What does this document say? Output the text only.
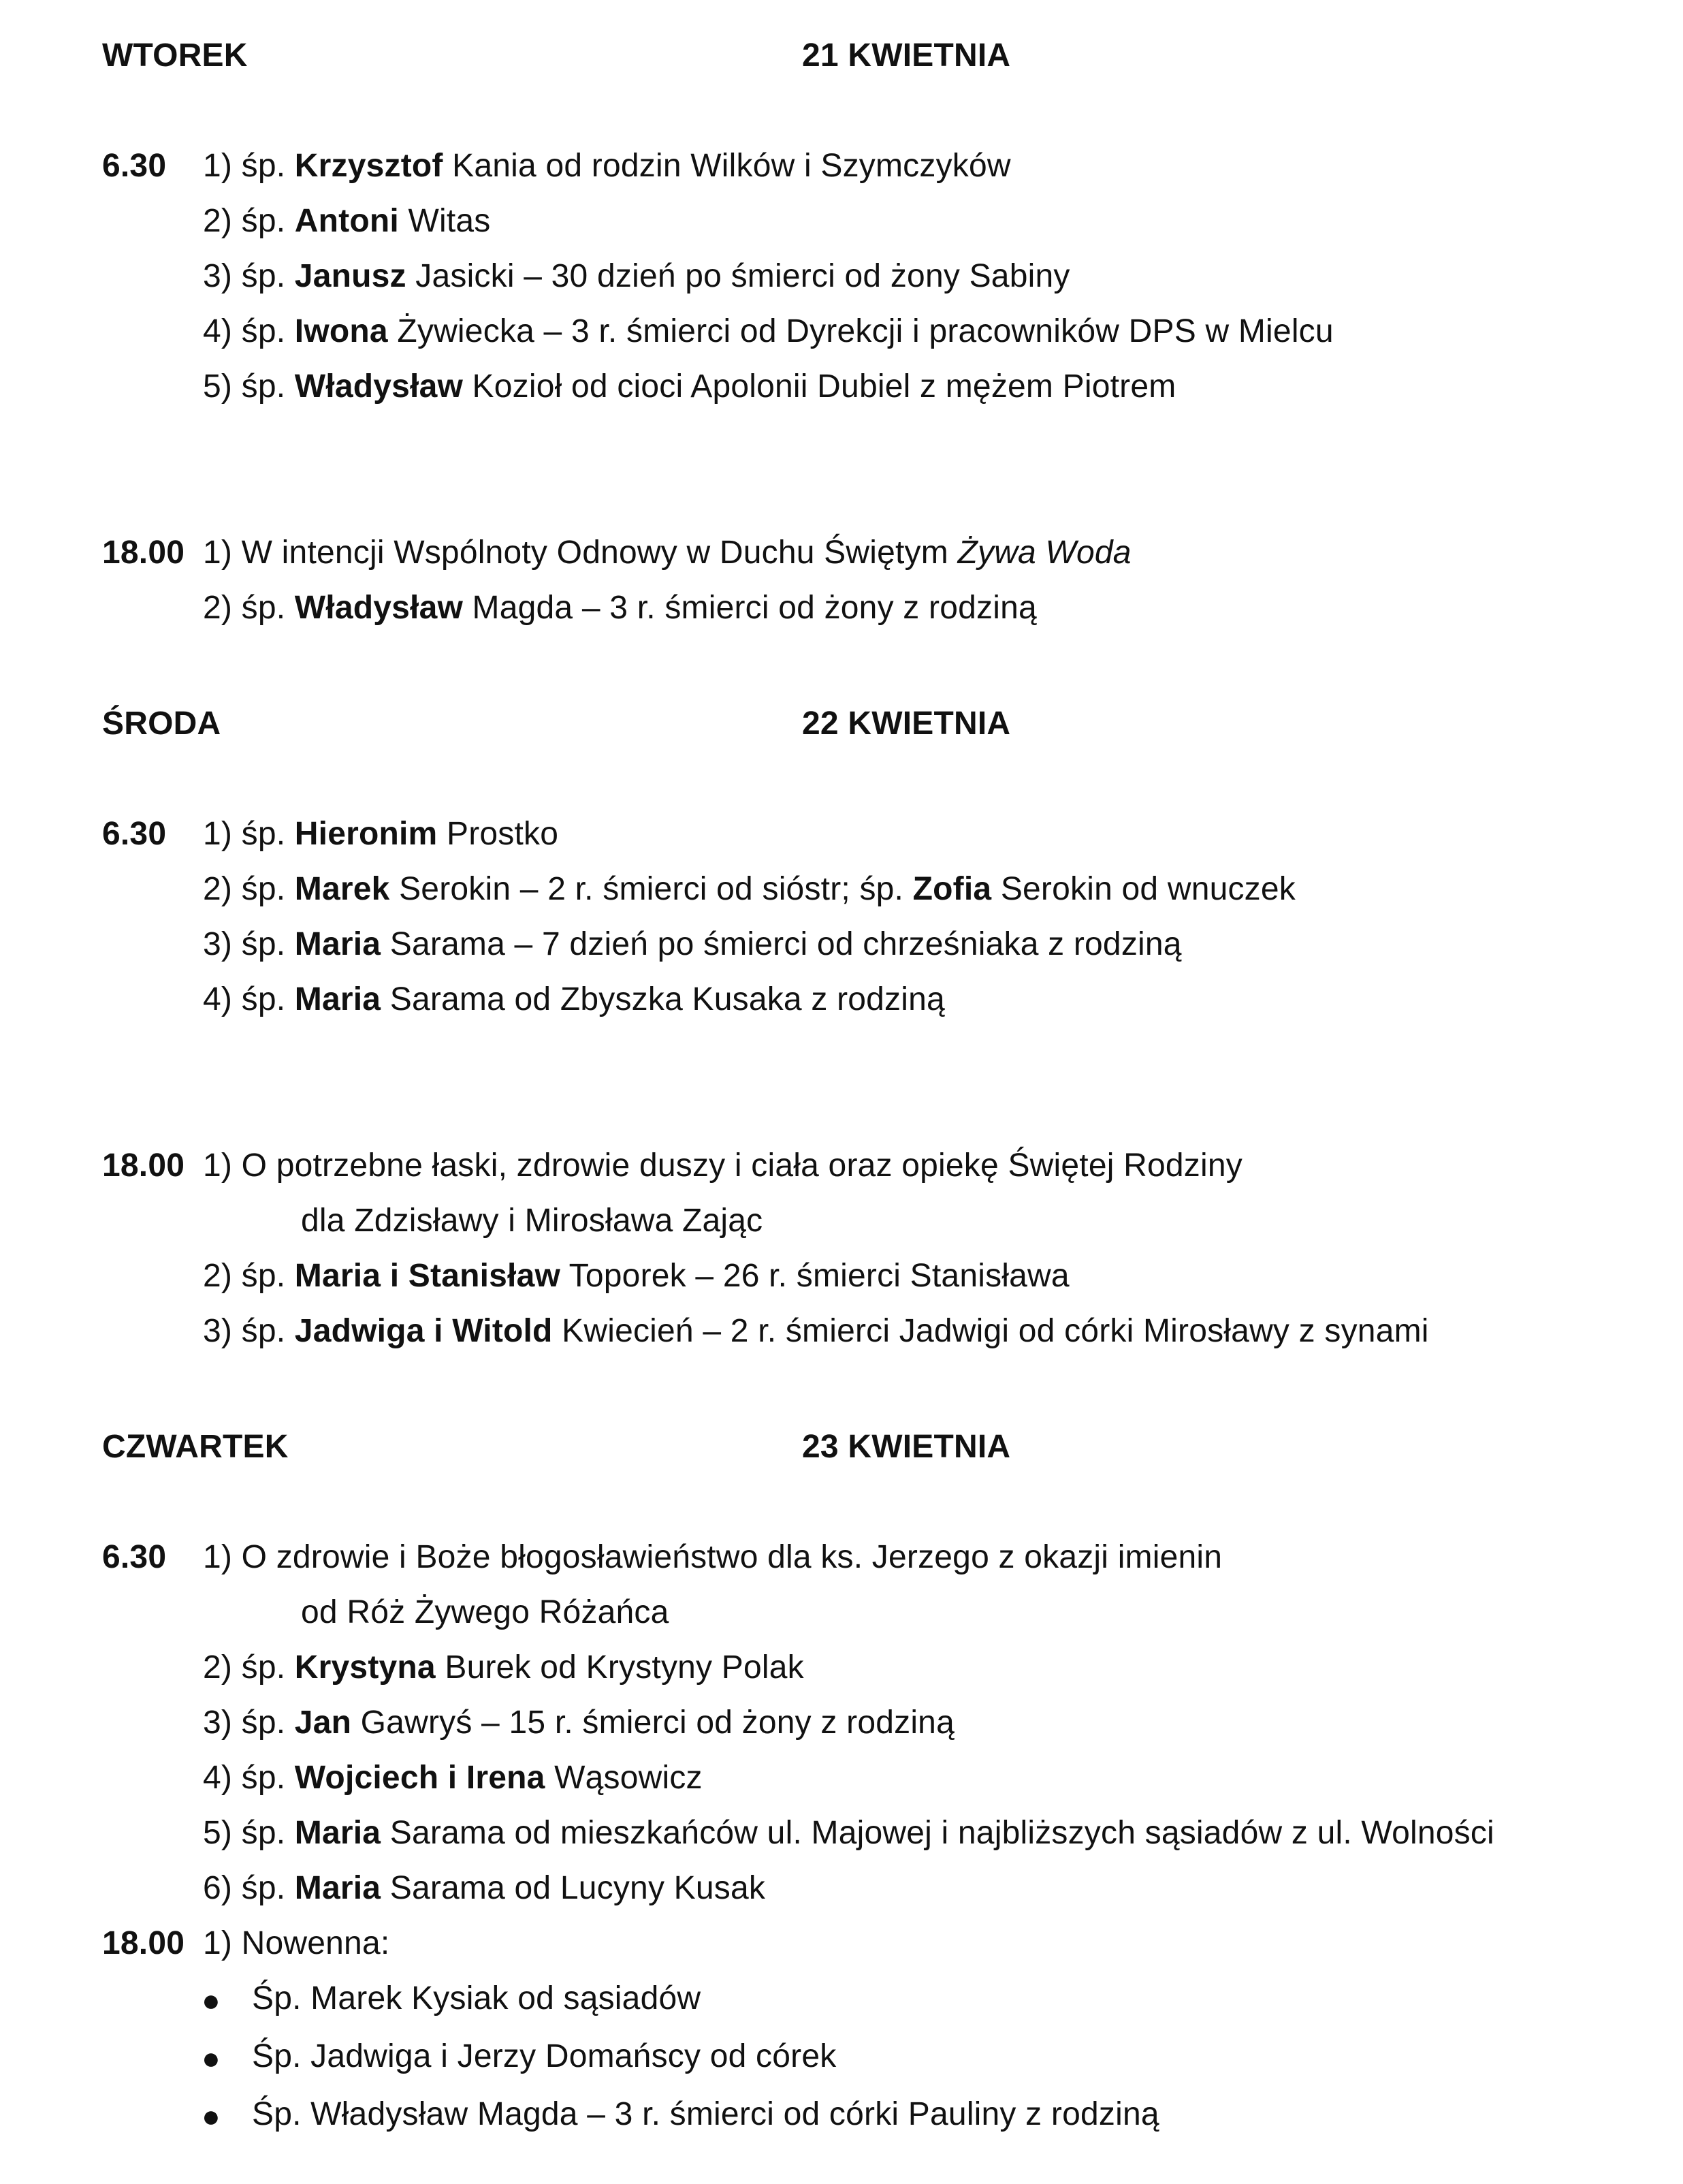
WTOREK	21 KWIETNIA
6.30 1) śp. Krzysztof Kania od rodzin Wilków i Szymczyków
2) śp. Antoni Witas
3) śp. Janusz Jasicki – 30 dzień po śmierci od żony Sabiny
4) śp. Iwona Żywiecka – 3 r. śmierci od Dyrekcji i pracowników DPS w Mielcu
5) śp. Władysław Kozioł od cioci Apolonii Dubiel z mężem Piotrem
18.00 1) W intencji Wspólnoty Odnowy w Duchu Świętym Żywa Woda
2) śp. Władysław Magda – 3 r. śmierci od żony z rodziną
ŚRODA	22 KWIETNIA
6.30 1) śp. Hieronim Prostko
2) śp. Marek Serokin – 2 r. śmierci od sióstr; śp. Zofia Serokin od wnuczek
3) śp. Maria Sarama – 7 dzień po śmierci od chrześniaka z rodziną
4) śp. Maria Sarama od Zbyszka Kusaka z rodziną
18.00 1) O potrzebne łaski, zdrowie duszy i ciała oraz opiekę Świętej Rodziny
dla Zdzisławy i Mirosława Zając
2) śp. Maria i Stanisław Toporek – 26 r. śmierci Stanisława
3) śp. Jadwiga i Witold Kwiecień – 2 r. śmierci Jadwigi od córki Mirosławy z synami
CZWARTEK	23 KWIETNIA
6.30 1) O zdrowie i Boże błogosławieństwo dla ks. Jerzego z okazji imienin
od Róż Żywego Różańca
2) śp. Krystyna Burek od Krystyny Polak
3) śp. Jan Gawryś – 15 r. śmierci od żony z rodziną
4) śp. Wojciech i Irena Wąsowicz
5) śp. Maria Sarama od mieszkańców ul. Majowej i najbliższych sąsiadów z ul. Wolności
6) śp. Maria Sarama od Lucyny Kusak
18.00 1) Nowenna:
● Śp. Marek Kysiak od sąsiadów
● Śp. Jadwiga i Jerzy Domańscy od córek
● Śp. Władysław Magda – 3 r. śmierci od córki Pauliny z rodziną
